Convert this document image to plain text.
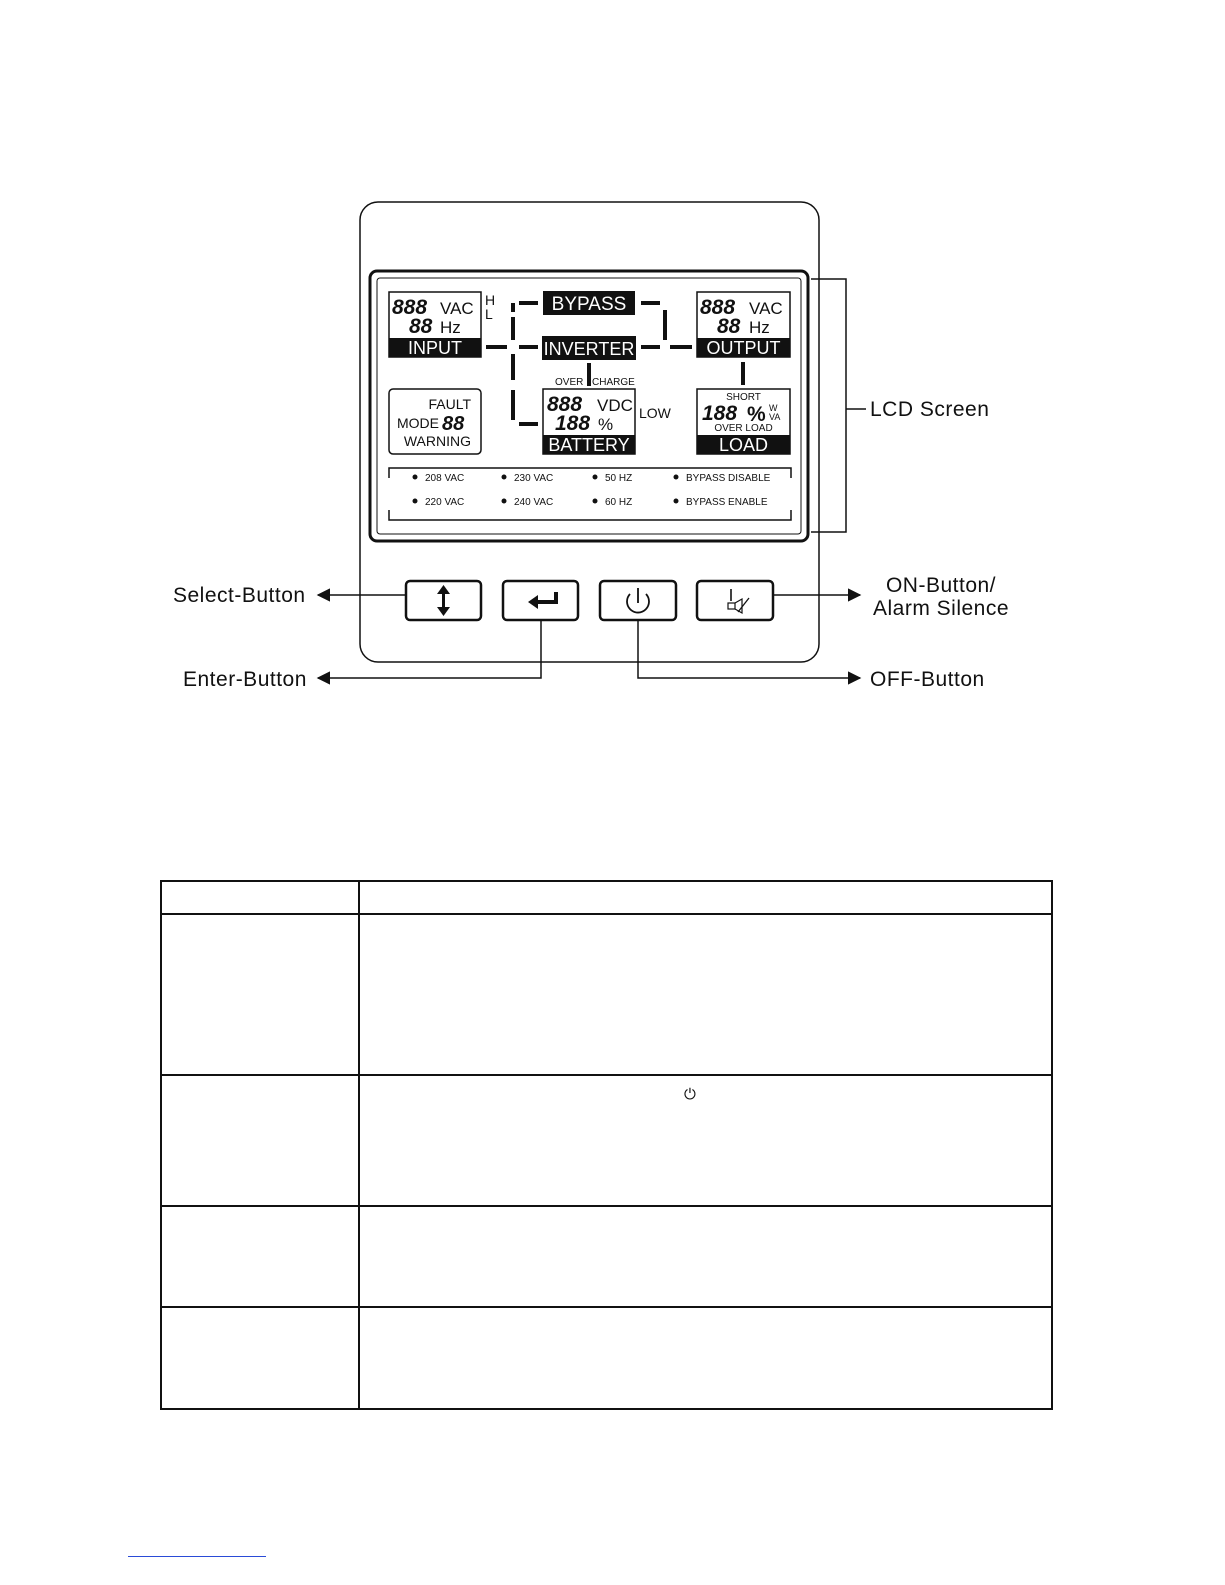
888 VAC
88 Hz
INPUT
H
L	888 VAC
88 Hz
OUTPUT
BYPASS
INVERTER
OVER CHARGE
888 VDC
188 %
BATTERY
LOW
FAULT
MODE 88
WARNING
SHORT
188 % W
VA
OVER LOAD
LOAD
208 VAC	230 VAC	50 HZ	BYPASS DISABLE
220 VAC	240 VAC	60 HZ	BYPASS ENABLE
LCD Screen
Select-Button	ON-Button/
Alarm Silence
Enter-Button	OFF-Button

	⏻
